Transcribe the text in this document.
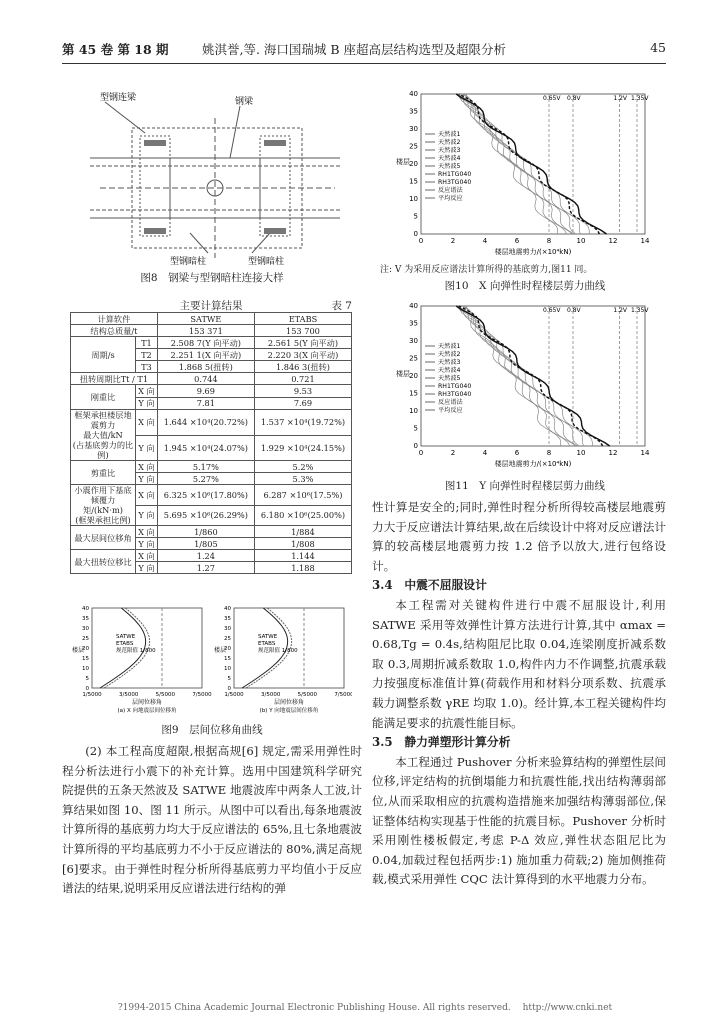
第 45 卷 第 18 期	姚淇誉,等. 海口国瑞城 B 座超高层结构选型及超限分析	45
型钢连梁	钢梁
型钢暗柱	型钢暗柱
图8　钢梁与型钢暗柱连接大样
主要计算结果	表 7
计算软件		SATWE	ETABS
结构总质量/t		153 371	153 700
周期/s	T1	2.508 7(Y 向平动)	2.561 5(Y 向平动)
	T2	2.251 1(X 向平动)	2.220 3(X 向平动)
	T3	1.868 5(扭转)	1.846 3(扭转)
扭转周期比Tt / T1		0.744	0.721
刚重比	X 向	9.69	9.53
	Y 向	7.81	7.69

框架承担楼层地震剪力
最大值/kN
(占基底剪力的比例)	X 向	1.644 ×10⁴(20.72%)	1.537 ×10⁴(19.72%)
	Y 向	1.945 ×10⁴(24.07%)	1.929 ×10⁴(24.15%)
剪重比	X 向	5.17%	5.2%
	Y 向	5.27%	5.3%

小震作用下基底
倾覆力矩/(kN·m)
(框架承担比例)	X 向	6.325 ×10⁶(17.80%)	6.287 ×10⁶(17.5%)
	Y 向	5.695 ×10⁶(26.29%)	6.180 ×10⁶(25.00%)
最大层间位移角	X 向	1/860	1/884
	Y 向	1/805	1/808
最大扭转位移比	X 向	1.24	1.144
	Y 向	1.27	1.188
0
5
10
15
20
25
30
35
40
1/5000	3/5000	5/5000	7/5000
楼层
层间位移角
(a) X 向地震层间位移角
SATWE
ETABS
规范限值 1/800
0
5
10
15
20
25
30
35
40
1/5000	3/5000	5/5000	7/5000
楼层
层间位移角
(b) Y 向地震层间位移角
SATWE
ETABS
规范限值 1/800
图9　层间位移角曲线

(2) 本工程高度超限,根据高规[6] 规定,需采用弹性时程分析法进行小震下的补充计算。选用中国建筑科学研究院提供的五条天然波及 SATWE 地震波库中两条人工波,计算结果如图 10、图 11 所示。从图中可以看出,每条地震波计算所得的基底剪力均大于反应谱法的 65%,且七条地震波计算所得的平均基底剪力不小于反应谱法的 80%,满足高规[6]要求。由于弹性时程分析所得基底剪力平均值小于反应谱法的结果,说明采用反应谱法进行结构的弹

0	2	4	6	8	10	12	14
0
5
10
15
20
25
30
35
40
楼层
楼层地震剪力/(×10⁴kN)
0.65V 0.8V	1.2V 1.35V
天然波1
天然波2
天然波3
天然波4
天然波5
RH1TG040
RH3TG040
反应谱法
平均反应
注: V 为采用反应谱法计算所得的基底剪力,图11 同。
图10　X 向弹性时程楼层剪力曲线
0	2	4	6	8	10	12	14
0
5
10
15
20
25
30
35
40
楼层
楼层地震剪力/(×10⁴kN)
0.65V 0.8V	1.2V 1.35V
天然波1
天然波2
天然波3
天然波4
天然波5
RH1TG040
RH3TG040
反应谱法
平均反应
图11　Y 向弹性时程楼层剪力曲线

性计算是安全的;同时,弹性时程分析所得较高楼层地震剪力大于反应谱法计算结果,故在后续设计中将对反应谱法计算的较高楼层地震剪力按 1.2 倍予以放大,进行包络设计。

3.4　中震不屈服设计

本工程需对关键构件进行中震不屈服设计,利用 SATWE 采用等效弹性计算方法进行计算,其中 αmax = 0.68,Tg = 0.4s,结构阻尼比取 0.04,连梁刚度折减系数取 0.3,周期折减系数取 1.0,构件内力不作调整,抗震承载力按强度标准值计算(荷载作用和材料分项系数、抗震承载力调整系数 γRE 均取 1.0)。经计算,本工程关键构件均能满足要求的抗震性能目标。

3.5　静力弹塑形计算分析

本工程通过 Pushover 分析来验算结构的弹塑性层间位移,评定结构的抗倒塌能力和抗震性能,找出结构薄弱部位,从而采取相应的抗震构造措施来加强结构薄弱部位,保证整体结构实现基于性能的抗震目标。Pushover 分析时采用刚性楼板假定,考虑 P-Δ 效应,弹性状态阻尼比为 0.04,加载过程包括两步:1) 施加重力荷载;2) 施加侧推荷载,模式采用弹性 CQC 法计算得到的水平地震力分布。

?1994-2015 China Academic Journal Electronic Publishing House. All rights reserved.　 http://www.cnki.net
